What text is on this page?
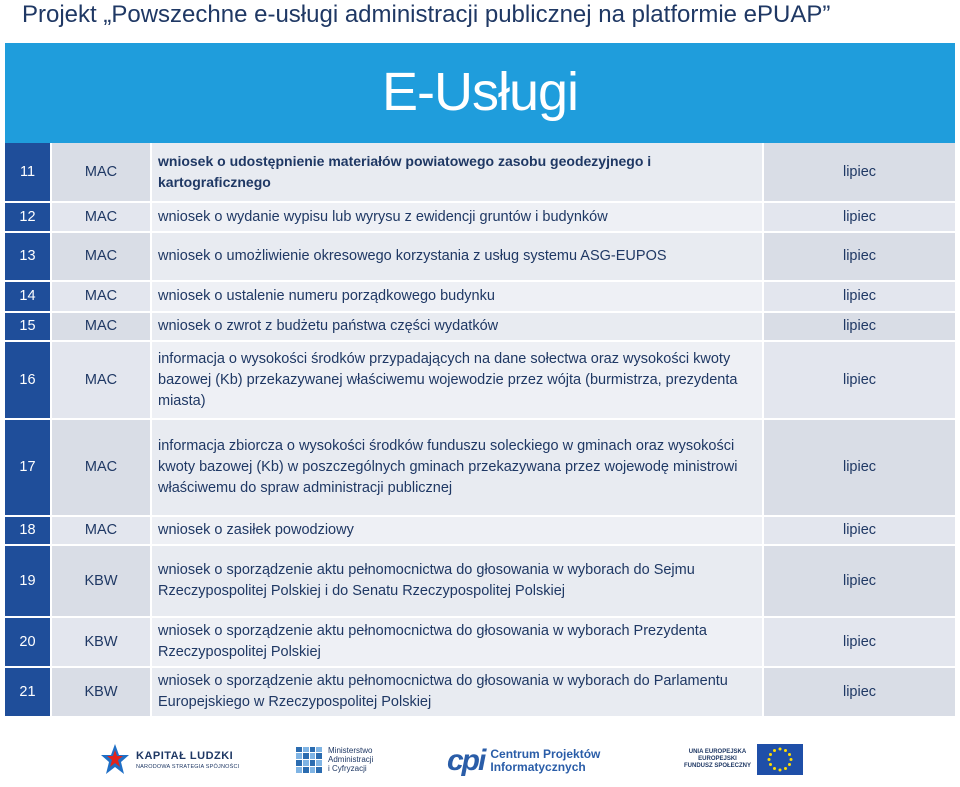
Projekt „Powszechne e-usługi administracji publicznej na platformie ePUAP”
E-Usługi
11	MAC	wniosek o udostępnienie materiałów powiatowego zasobu geodezyjnego i kartograficznego	lipiec
12	MAC	wniosek o wydanie wypisu lub wyrysu z ewidencji gruntów i budynków	lipiec
13	MAC	wniosek o umożliwienie okresowego korzystania z usług systemu ASG-EUPOS	lipiec
14	MAC	wniosek o ustalenie numeru porządkowego budynku	lipiec
15	MAC	wniosek o zwrot z budżetu państwa części wydatków	lipiec
16	MAC	informacja o wysokości środków przypadających na dane sołectwa oraz wysokości kwoty bazowej (Kb) przekazywanej właściwemu wojewodzie przez wójta (burmistrza, prezydenta miasta)	lipiec
17	MAC	informacja zbiorcza o wysokości środków funduszu soleckiego w gminach oraz wysokości kwoty bazowej (Kb) w poszczególnych gminach przekazywana przez wojewodę ministrowi właściwemu do spraw administracji publicznej	lipiec
18	MAC	wniosek o zasiłek powodziowy	lipiec
19	KBW	wniosek o sporządzenie aktu pełnomocnictwa do głosowania w wyborach do Sejmu Rzeczypospolitej Polskiej i do Senatu Rzeczypospolitej Polskiej	lipiec
20	KBW	wniosek o sporządzenie aktu pełnomocnictwa do głosowania w wyborach Prezydenta Rzeczypospolitej Polskiej	lipiec
21	KBW	wniosek o sporządzenie aktu pełnomocnictwa do głosowania w wyborach do Parlamentu Europejskiego w Rzeczypospolitej Polskiej	lipiec
KAPITAŁ LUDZKI
NARODOWA STRATEGIA SPÓJNOŚCI
Ministerstwo
Administracji
i Cyfryzacji	cpi Centrum Projektów
Informatycznych
UNIA EUROPEJSKA
EUROPEJSKI
FUNDUSZ SPOŁECZNY
